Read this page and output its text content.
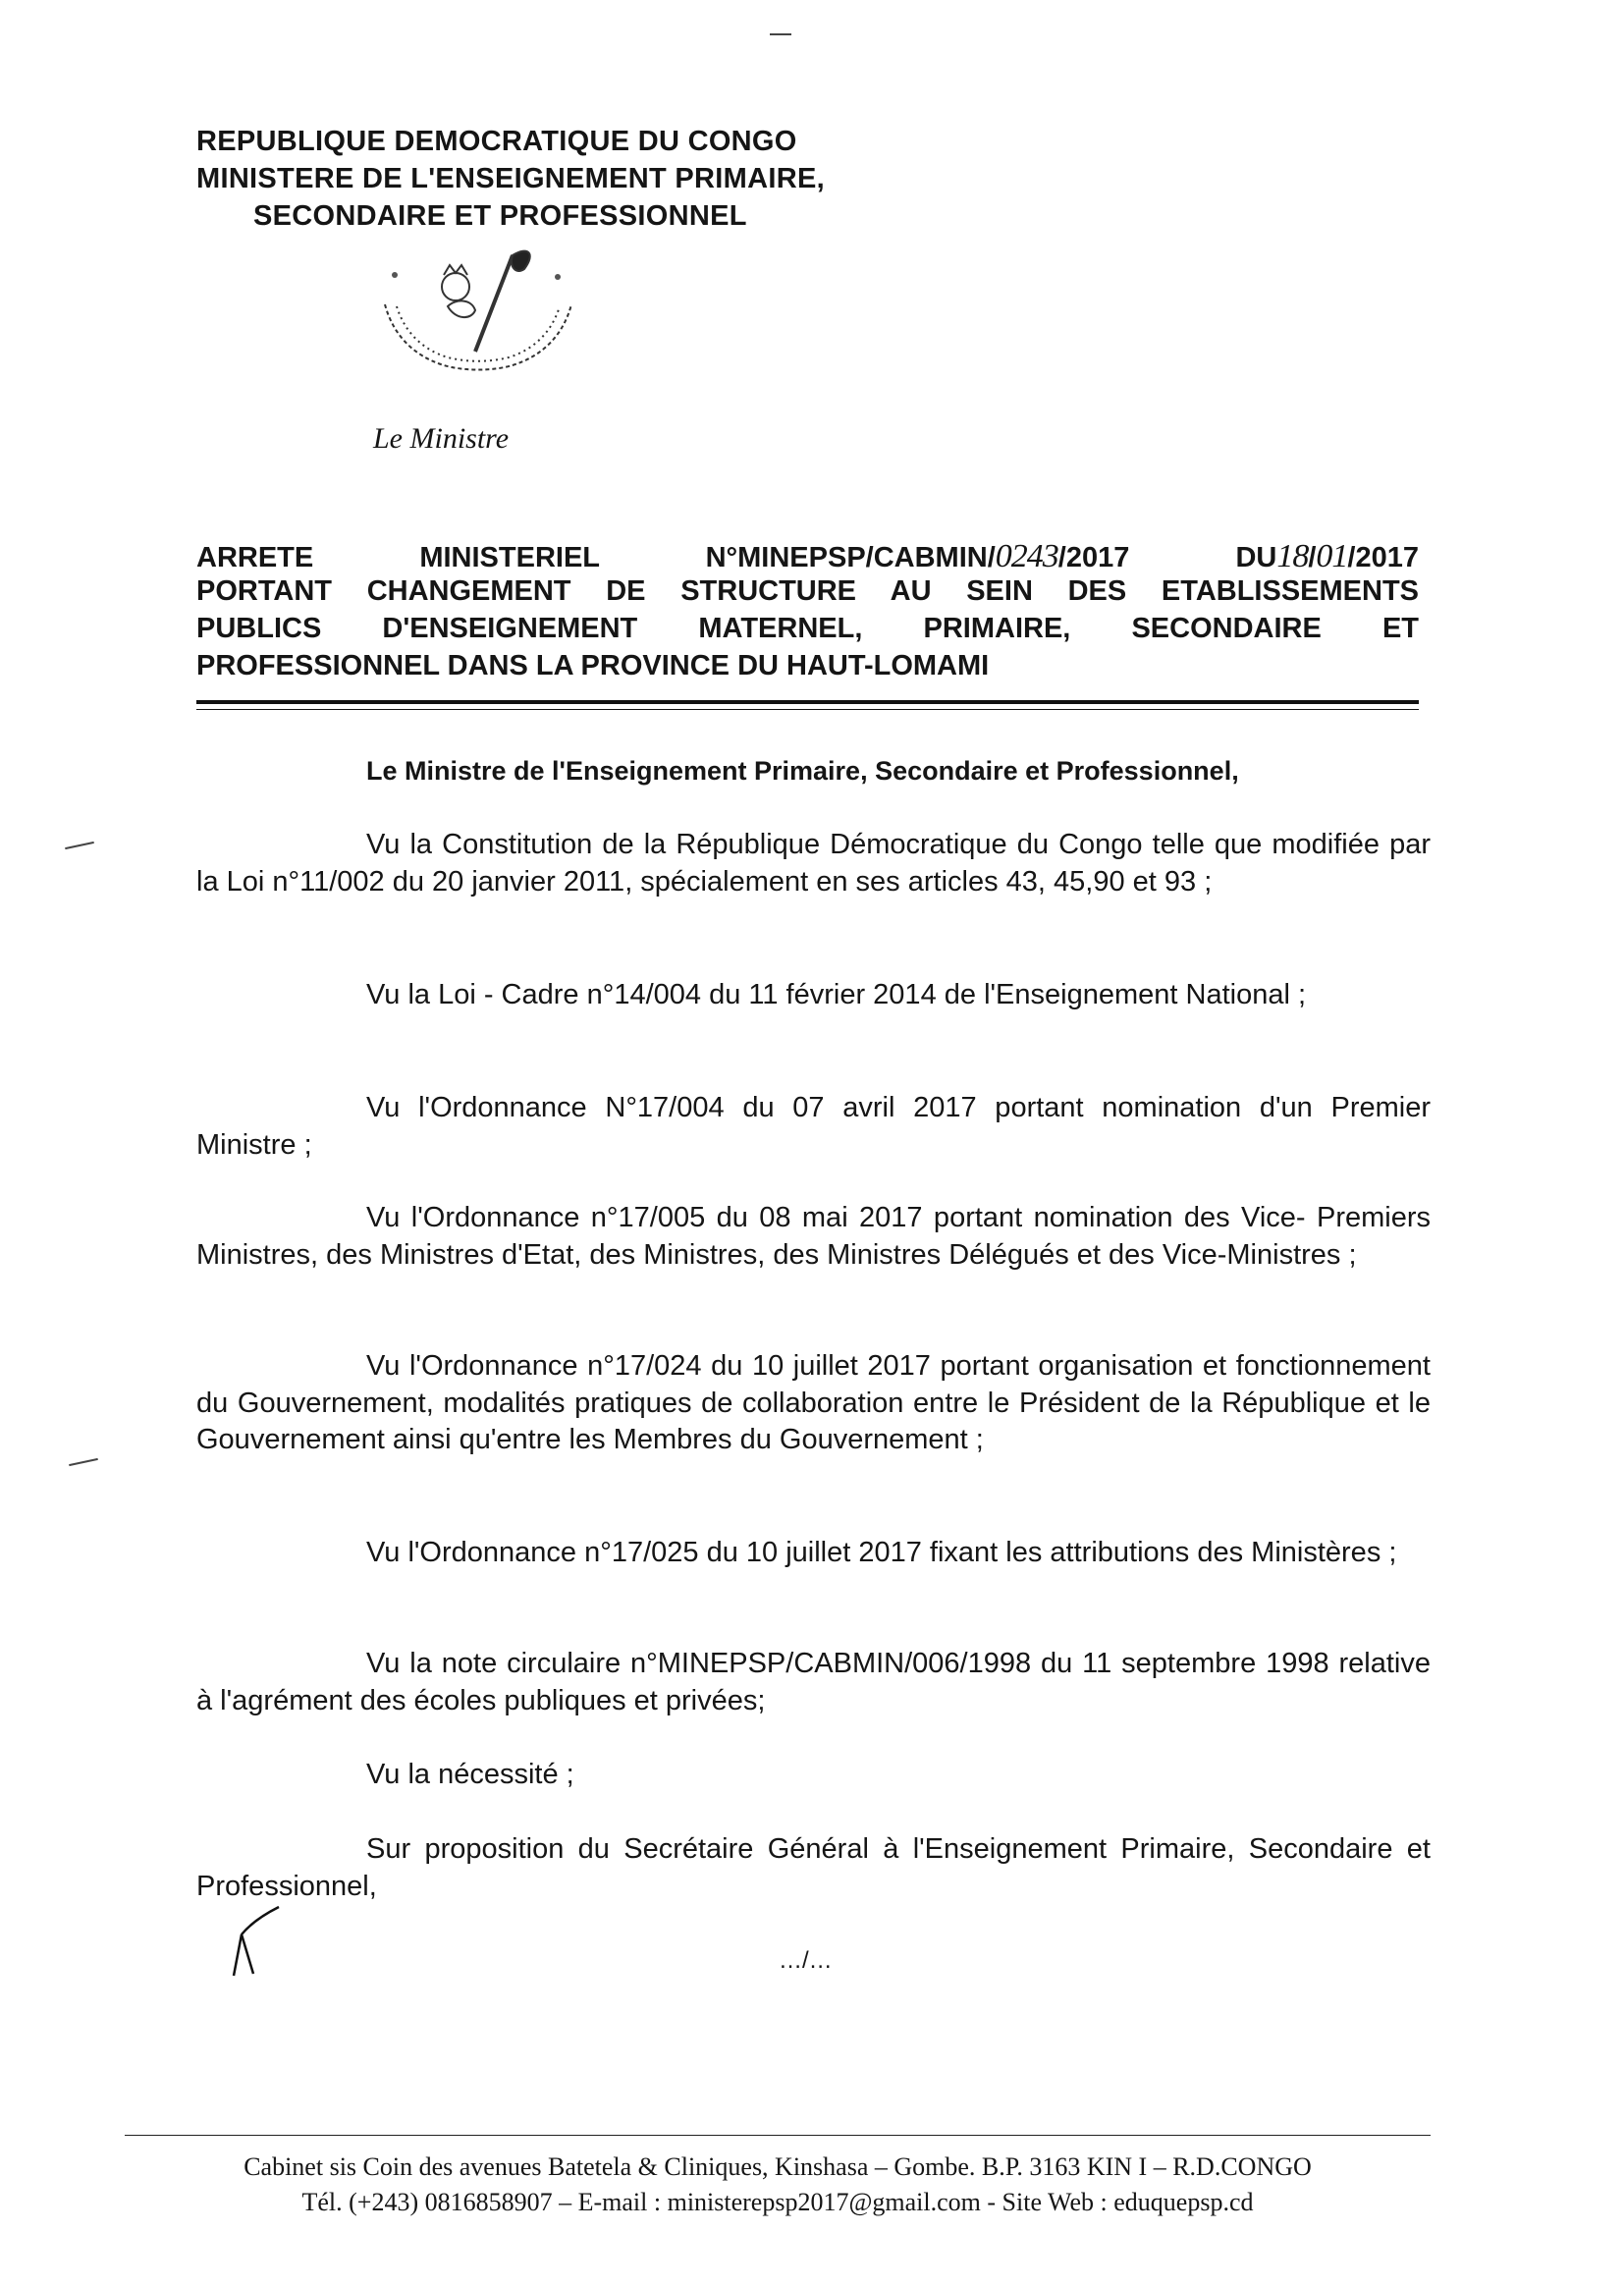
REPUBLIQUE DEMOCRATIQUE DU CONGO
MINISTERE DE L'ENSEIGNEMENT PRIMAIRE,
SECONDAIRE ET PROFESSIONNEL
Le Ministre
ARRETE MINISTERIEL N°MINEPSP/CABMIN/0243/2017	DU18/01/2017
PORTANT CHANGEMENT DE STRUCTURE AU SEIN DES ETABLISSEMENTS
PUBLICS D'ENSEIGNEMENT MATERNEL, PRIMAIRE, SECONDAIRE ET
PROFESSIONNEL DANS LA PROVINCE DU HAUT-LOMAMI
Le Ministre de l'Enseignement Primaire, Secondaire et Professionnel,
Vu la Constitution de la République Démocratique du Congo telle que modifiée par la Loi n°11/002 du 20 janvier 2011, spécialement en ses articles 43, 45,90 et 93 ;
Vu la Loi - Cadre n°14/004 du 11 février 2014 de l'Enseignement National ;
Vu l'Ordonnance N°17/004 du 07 avril 2017 portant nomination d'un Premier Ministre ;
Vu l'Ordonnance n°17/005 du 08 mai 2017 portant nomination des Vice- Premiers Ministres, des Ministres d'Etat, des Ministres, des Ministres Délégués et des Vice-Ministres ;
Vu l'Ordonnance n°17/024 du 10 juillet 2017 portant organisation et fonctionnement du Gouvernement, modalités pratiques de collaboration entre le Président de la République et le Gouvernement ainsi qu'entre les Membres du Gouvernement ;
Vu l'Ordonnance n°17/025 du 10 juillet 2017 fixant les attributions des Ministères ;
Vu la note circulaire n°MINEPSP/CABMIN/006/1998 du 11 septembre 1998 relative à l'agrément des écoles publiques et privées;
Vu la nécessité ;
Sur proposition du Secrétaire Général à l'Enseignement Primaire, Secondaire et Professionnel,
…/…
Cabinet sis Coin des avenues Batetela & Cliniques, Kinshasa – Gombe. B.P. 3163 KIN I – R.D.CONGO
Tél. (+243) 0816858907 – E-mail : ministerepsp2017@gmail.com - Site Web : eduquepsp.cd
